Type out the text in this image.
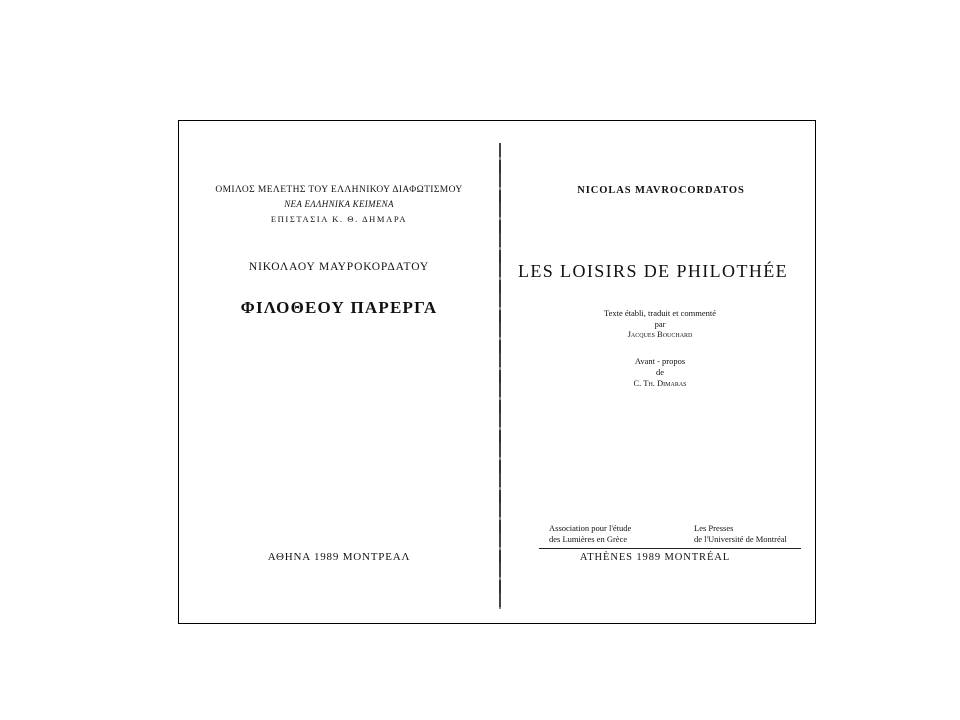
ΟΜΙΛΟΣ ΜΕΛΕΤΗΣ ΤΟΥ ΕΛΛΗΝΙΚΟΥ ΔΙΑΦΩΤΙΣΜΟΥ
ΝΕΑ ΕΛΛΗΝΙΚΑ ΚΕΙΜΕΝΑ
ΕΠΙΣΤΑΣΙΑ Κ. Θ. ΔΗΜΑΡΑ
ΝΙΚΟΛΑΟΥ ΜΑΥΡΟΚΟΡΔΑΤΟΥ
ΦΙΛΟΘΕΟΥ ΠΑΡΕΡΓΑ
ΑΘΗΝΑ 1989 ΜΟΝΤΡΕΑΛ
NICOLAS MAVROCORDATOS
LES LOISIRS DE PHILOTHÉE
Texte établi, traduit et commenté
par
Jacques Bouchard
Avant - propos
de
C. Th. Dimaras
Association pour l'étude
des Lumières en Grèce
Les Presses
de l'Université de Montréal
ATHÈNES 1989 MONTRÉAL
